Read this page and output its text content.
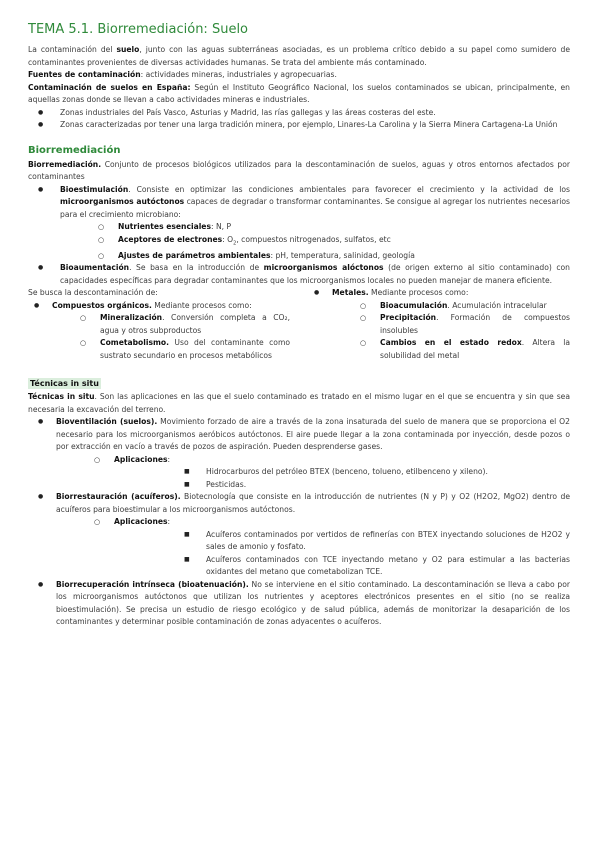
TEMA 5.1. Biorremediación: Suelo

La contaminación del suelo, junto con las aguas subterráneas asociadas, es un problema crítico debido a su papel como sumidero de contaminantes provenientes de diversas actividades humanas. Se trata del ambiente más contaminado.

Fuentes de contaminación: actividades mineras, industriales y agropecuarias.

Contaminación de suelos en España: Según el Instituto Geográfico Nacional, los suelos contaminados se ubican, principalmente, en aquellas zonas donde se llevan a cabo actividades mineras e industriales.

● Zonas industriales del País Vasco, Asturias y Madrid, las rías gallegas y las áreas costeras del este.
● Zonas caracterizadas por tener una larga tradición minera, por ejemplo, Linares-La Carolina y la Sierra Minera Cartagena-La Unión
Biorremediación

Biorremediación. Conjunto de procesos biológicos utilizados para la descontaminación de suelos, aguas y otros entornos afectados por contaminantes

● Bioestimulación. Consiste en optimizar las condiciones ambientales para favorecer el crecimiento y la actividad de los microorganismos autóctonos capaces de degradar o transformar contaminantes. Se consigue al agregar los nutrientes necesarios para el crecimiento microbiano:
○ Nutrientes esenciales: N, P
○ Aceptores de electrones: $O_2$, compuestos nitrogenados, sulfatos, etc
○ Ajustes de parámetros ambientales: pH, temperatura, salinidad, geología
● Bioaumentación. Se basa en la introducción de microorganismos alóctonos (de origen externo al sitio contaminado) con capacidades específicas para degradar contaminantes que los microorganismos locales no pueden manejar de manera eficiente.

Se busca la descontaminación de:

● Compuestos orgánicos. Mediante procesos como:
○ Mineralización. Conversión completa a CO₂, agua y otros subproductos
○ Cometabolismo. Uso del contaminante como sustrato secundario en procesos metabólicos
● Metales. Mediante procesos como:
○ Bioacumulación. Acumulación intracelular
○ Precipitación. Formación de compuestos insolubles
○ Cambios en el estado redox. Altera la solubilidad del metal
Técnicas in situ

Técnicas in situ. Son las aplicaciones en las que el suelo contaminado es tratado en el mismo lugar en el que se encuentra y sin que sea necesaria la excavación del terreno.

● Bioventilación (suelos). Movimiento forzado de aire a través de la zona insaturada del suelo de manera que se proporciona el O2 necesario para los microorganismos aeróbicos autóctonos. El aire puede llegar a la zona contaminada por inyección, desde pozos o por extracción en vacío a través de pozos de aspiración. Pueden desprenderse gases.
○ Aplicaciones:
■ Hidrocarburos del petróleo BTEX (benceno, tolueno, etilbenceno y xileno).
■ Pesticidas.
● Biorrestauración (acuíferos). Biotecnología que consiste en la introducción de nutrientes (N y P) y O2 (H2O2, MgO2) dentro de acuíferos para bioestimular a los microorganismos autóctonos.
○ Aplicaciones:
■ Acuíferos contaminados por vertidos de refinerías con BTEX inyectando soluciones de H2O2 y sales de amonio y fosfato.
■ Acuíferos contaminados con TCE inyectando metano y O2 para estimular a las bacterias oxidantes del metano que cometabolizan TCE.
● Biorrecuperación intrínseca (bioatenuación). No se interviene en el sitio contaminado. La descontaminación se lleva a cabo por los microorganismos autóctonos que utilizan los nutrientes y aceptores electrónicos presentes en el sitio (no se realiza bioestimulación). Se precisa un estudio de riesgo ecológico y de salud pública, además de monitorizar la desaparición de los contaminantes y determinar posible contaminación de zonas adyacentes o acuíferos.
